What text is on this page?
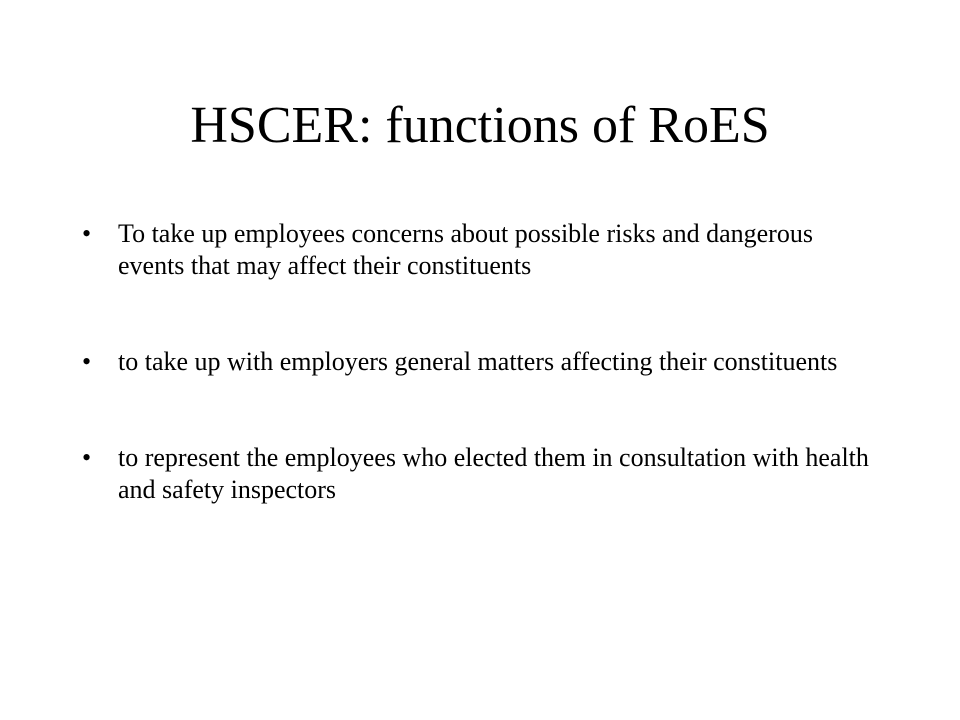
HSCER: functions of RoES
• To take up employees concerns about possible risks and dangerous events that may affect their constituents
• to take up with employers general matters affecting their constituents
• to represent the employees who elected them in consultation with health and safety inspectors
